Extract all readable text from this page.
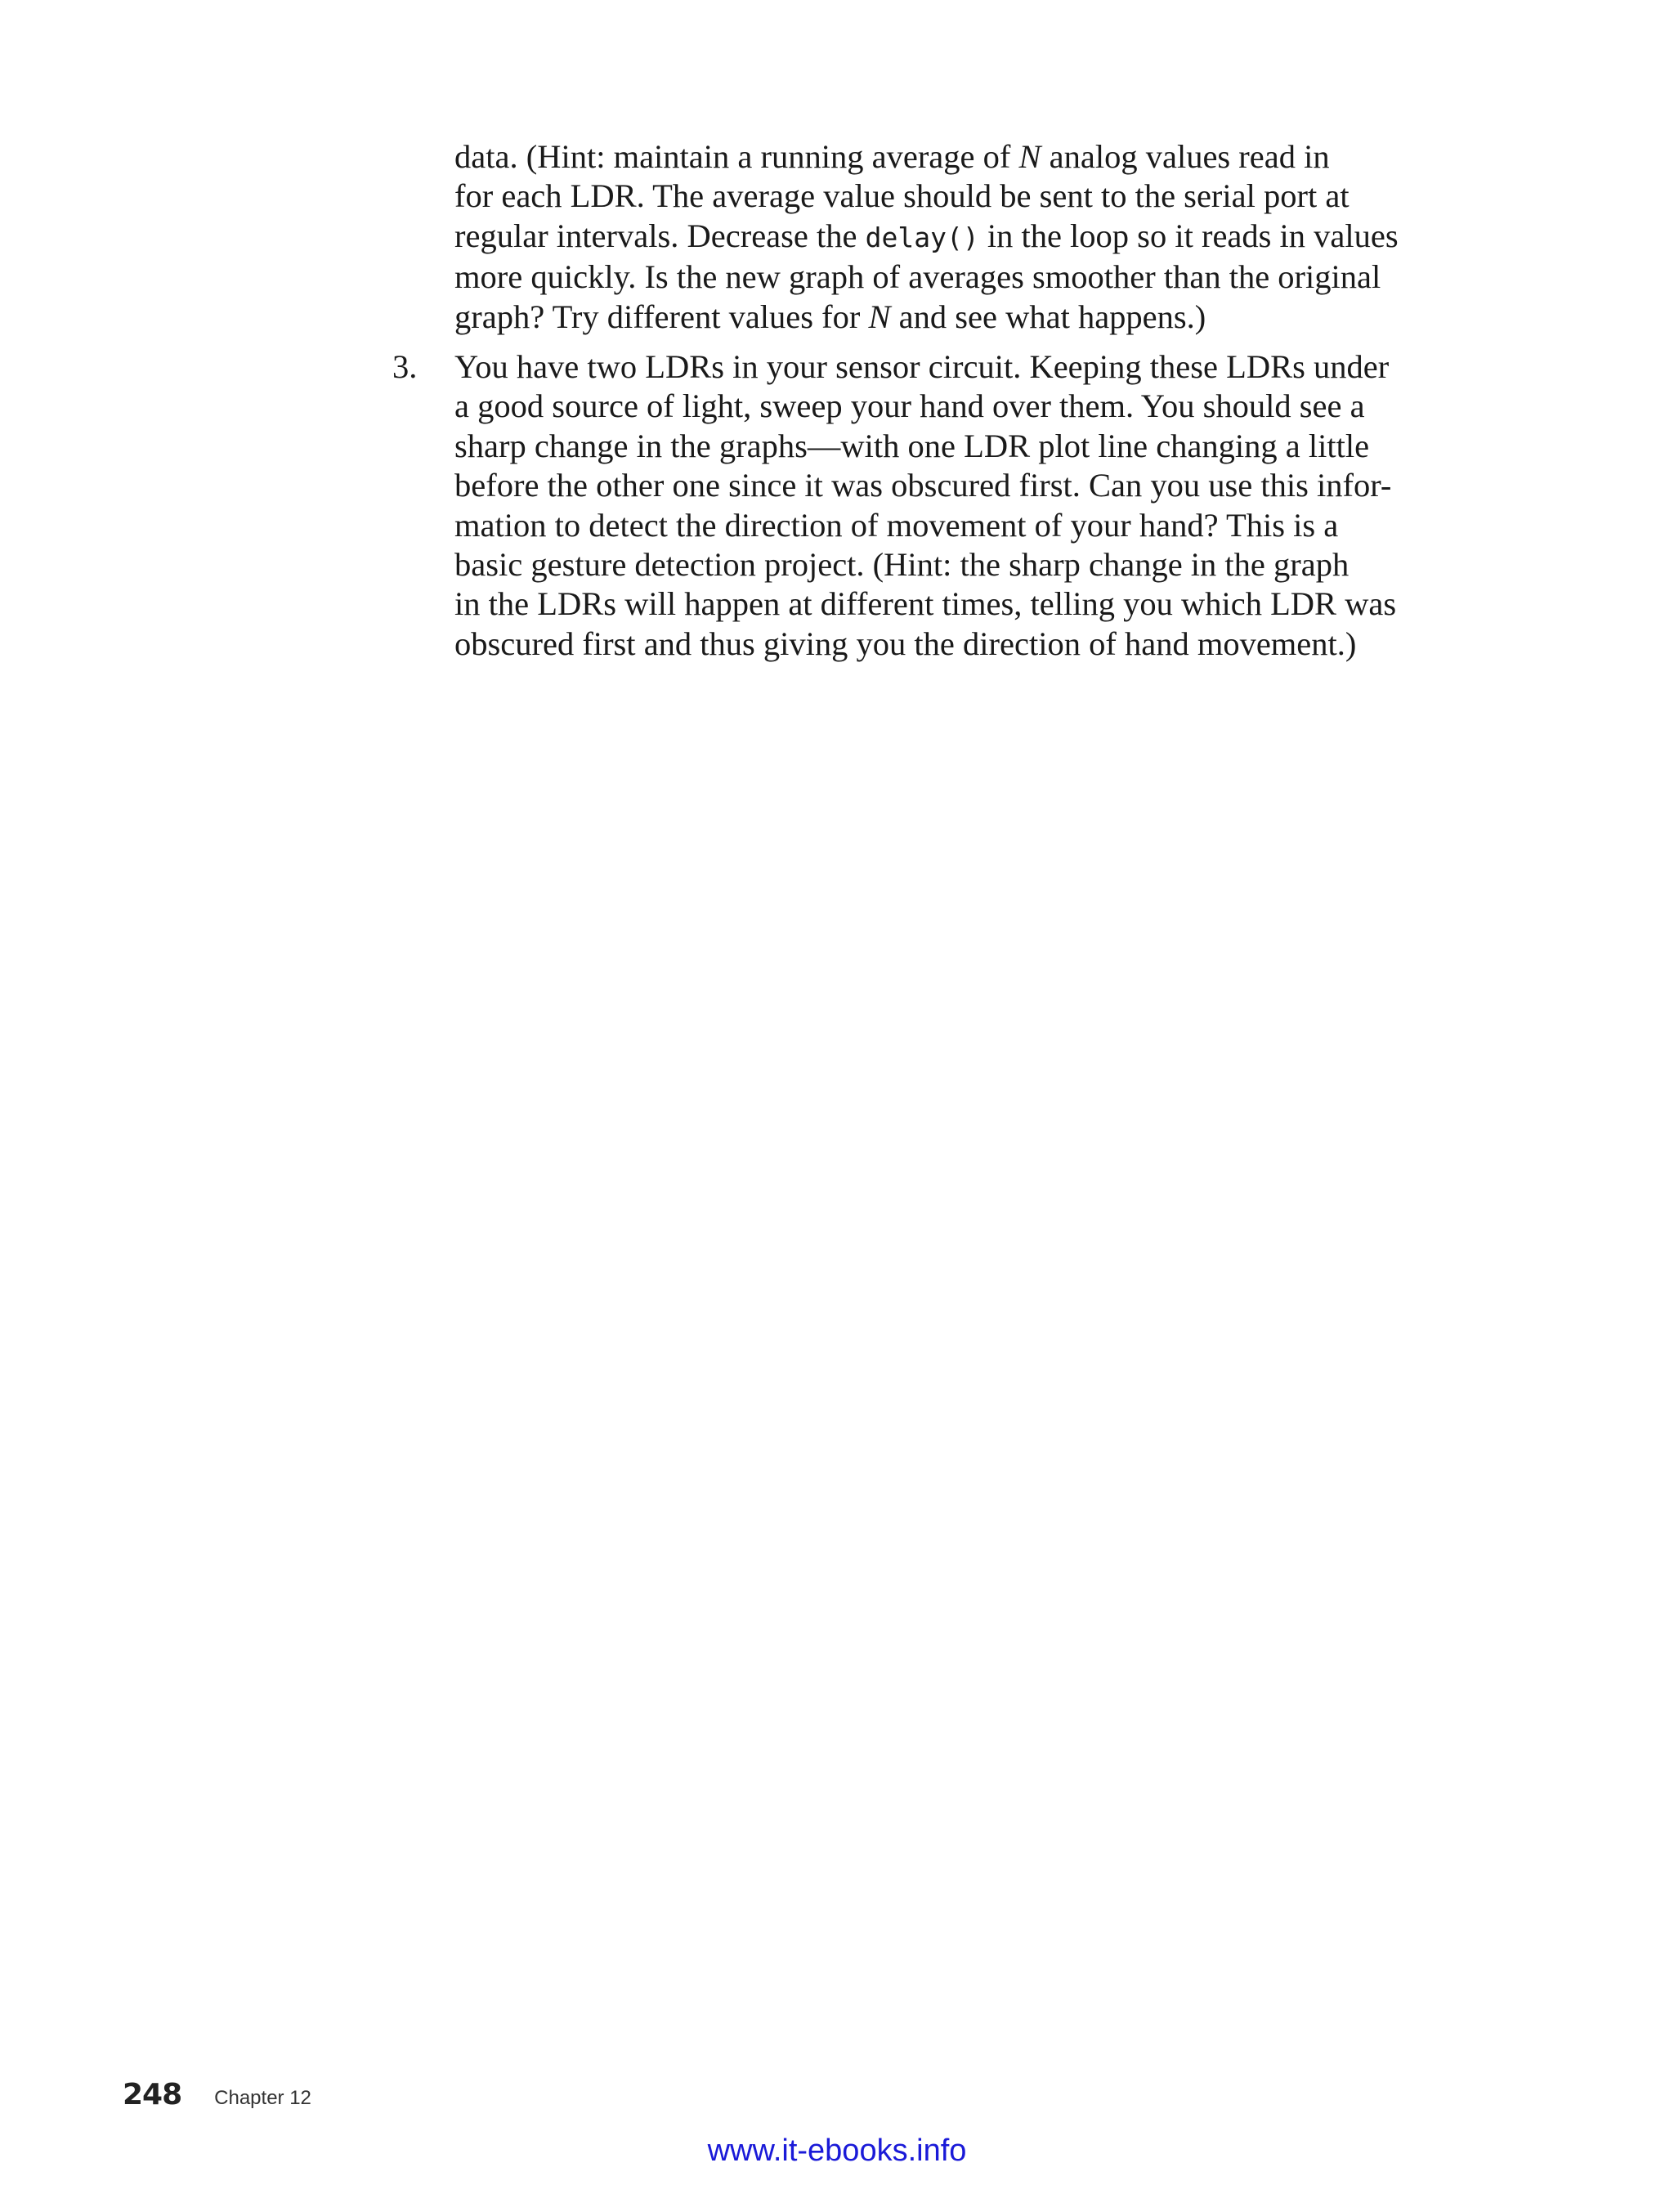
data. (Hint: maintain a running average of N analog values read in
for each LDR. The average value should be sent to the serial port at
regular intervals. Decrease the delay() in the loop so it reads in values
more quickly. Is the new graph of averages smoother than the original
graph? Try different values for N and see what happens.)

3. You have two LDRs in your sensor circuit. Keeping these LDRs under
a good source of light, sweep your hand over them. You should see a
sharp change in the graphs—with one LDR plot line changing a little
before the other one since it was obscured first. Can you use this infor-
mation to detect the direction of movement of your hand? This is a
basic gesture detection project. (Hint: the sharp change in the graph
in the LDRs will happen at different times, telling you which LDR was
obscured first and thus giving you the direction of hand movement.)
248 Chapter 12
www.it-ebooks.info
